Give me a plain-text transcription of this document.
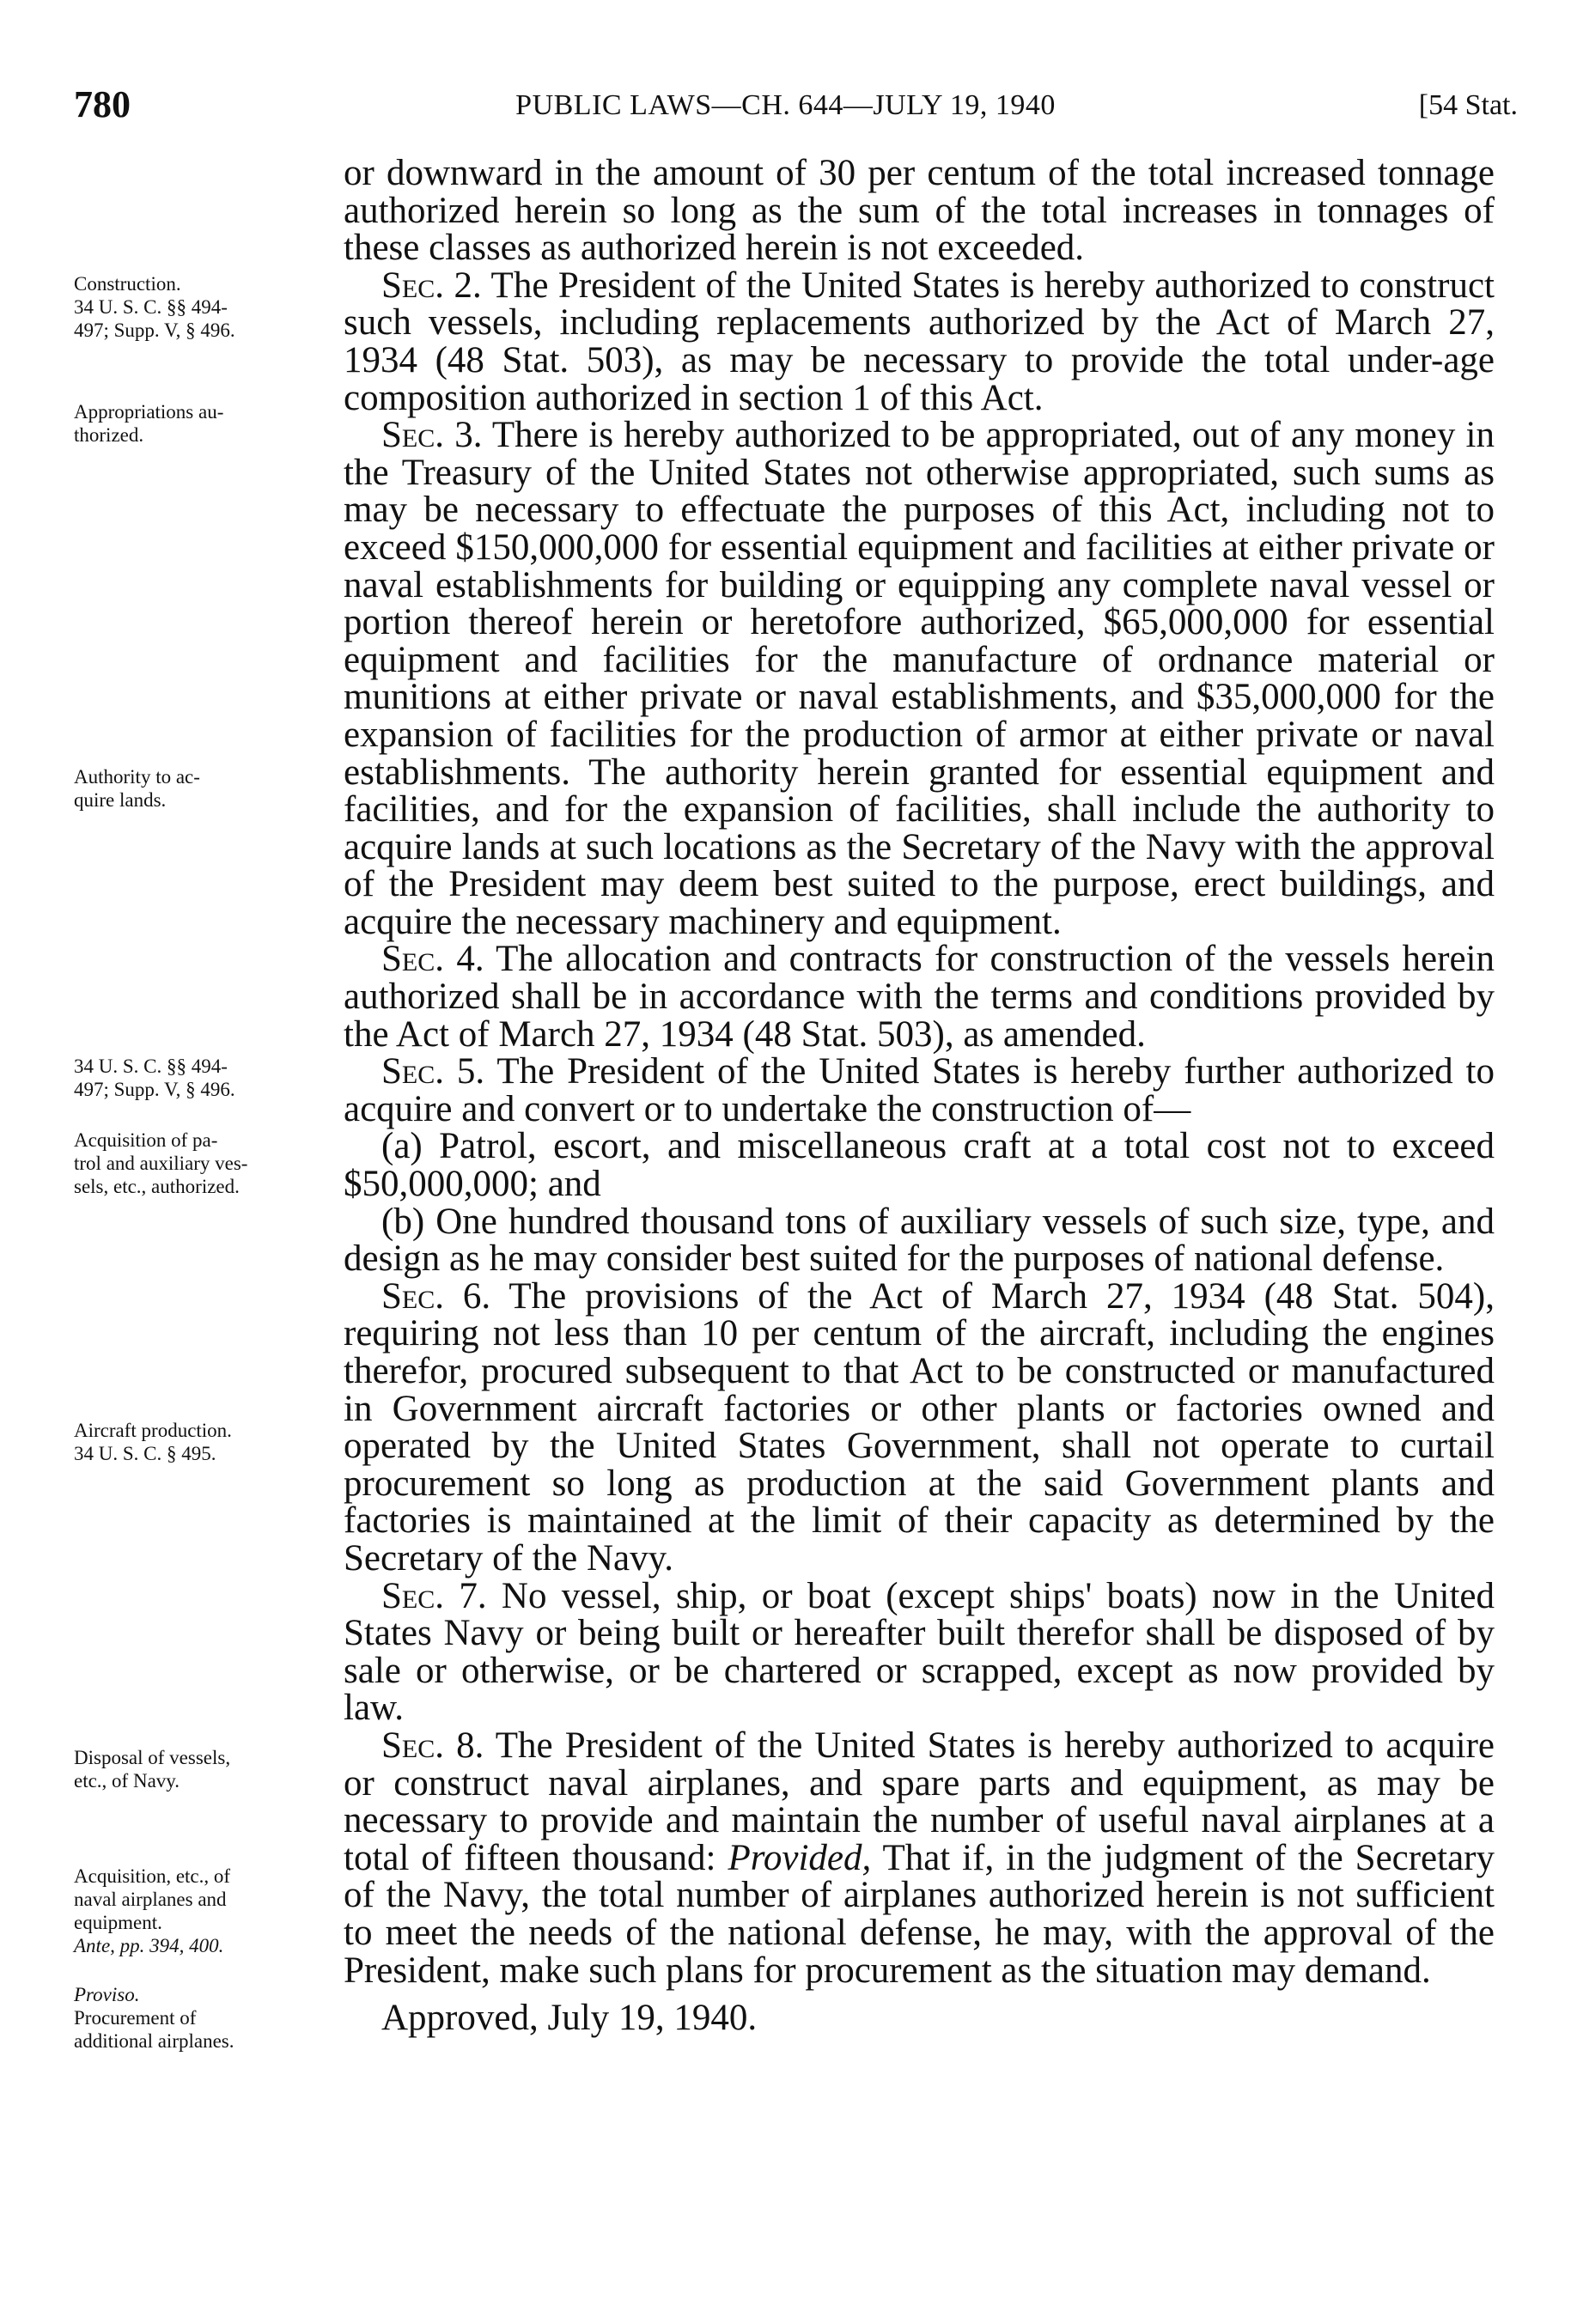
780	PUBLIC LAWS—CH. 644—JULY 19, 1940	[54 Stat.
Construction.
34 U. S. C. §§ 494-
497; Supp. V, § 496.
Appropriations au-
thorized.
Authority to ac-
quire lands.
34 U. S. C. §§ 494-
497; Supp. V, § 496.
Acquisition of pa-
trol and auxiliary ves-
sels, etc., authorized.
Aircraft production.
34 U. S. C. § 495.
Disposal of vessels,
etc., of Navy.
Acquisition, etc., of
naval airplanes and
equipment.
Ante, pp. 394, 400.
Proviso.
Procurement of
additional airplanes.

or downward in the amount of 30 per centum of the total increased tonnage authorized herein so long as the sum of the total increases in tonnages of these classes as authorized herein is not exceeded.

Sec. 2. The President of the United States is hereby authorized to construct such vessels, including replacements authorized by the Act of March 27, 1934 (48 Stat. 503), as may be necessary to provide the total under-age composition authorized in section 1 of this Act.

Sec. 3. There is hereby authorized to be appropriated, out of any money in the Treasury of the United States not otherwise appropriated, such sums as may be necessary to effectuate the purposes of this Act, including not to exceed $150,000,000 for essential equipment and facilities at either private or naval establishments for building or equipping any complete naval vessel or portion thereof herein or heretofore authorized, $65,000,000 for essential equipment and facilities for the manufacture of ordnance material or munitions at either private or naval establishments, and $35,000,000 for the expansion of facilities for the production of armor at either private or naval establishments. The authority herein granted for essential equipment and facilities, and for the expansion of facilities, shall include the authority to acquire lands at such locations as the Secretary of the Navy with the approval of the President may deem best suited to the purpose, erect buildings, and acquire the necessary machinery and equipment.

Sec. 4. The allocation and contracts for construction of the vessels herein authorized shall be in accordance with the terms and conditions provided by the Act of March 27, 1934 (48 Stat. 503), as amended.

Sec. 5. The President of the United States is hereby further authorized to acquire and convert or to undertake the construction of—

(a) Patrol, escort, and miscellaneous craft at a total cost not to exceed $50,000,000; and

(b) One hundred thousand tons of auxiliary vessels of such size, type, and design as he may consider best suited for the purposes of national defense.

Sec. 6. The provisions of the Act of March 27, 1934 (48 Stat. 504), requiring not less than 10 per centum of the aircraft, including the engines therefor, procured subsequent to that Act to be constructed or manufactured in Government aircraft factories or other plants or factories owned and operated by the United States Government, shall not operate to curtail procurement so long as production at the said Government plants and factories is maintained at the limit of their capacity as determined by the Secretary of the Navy.

Sec. 7. No vessel, ship, or boat (except ships' boats) now in the United States Navy or being built or hereafter built therefor shall be disposed of by sale or otherwise, or be chartered or scrapped, except as now provided by law.

Sec. 8. The President of the United States is hereby authorized to acquire or construct naval airplanes, and spare parts and equipment, as may be necessary to provide and maintain the number of useful naval airplanes at a total of fifteen thousand: Provided, That if, in the judgment of the Secretary of the Navy, the total number of airplanes authorized herein is not sufficient to meet the needs of the national defense, he may, with the approval of the President, make such plans for procurement as the situation may demand.

Approved, July 19, 1940.
